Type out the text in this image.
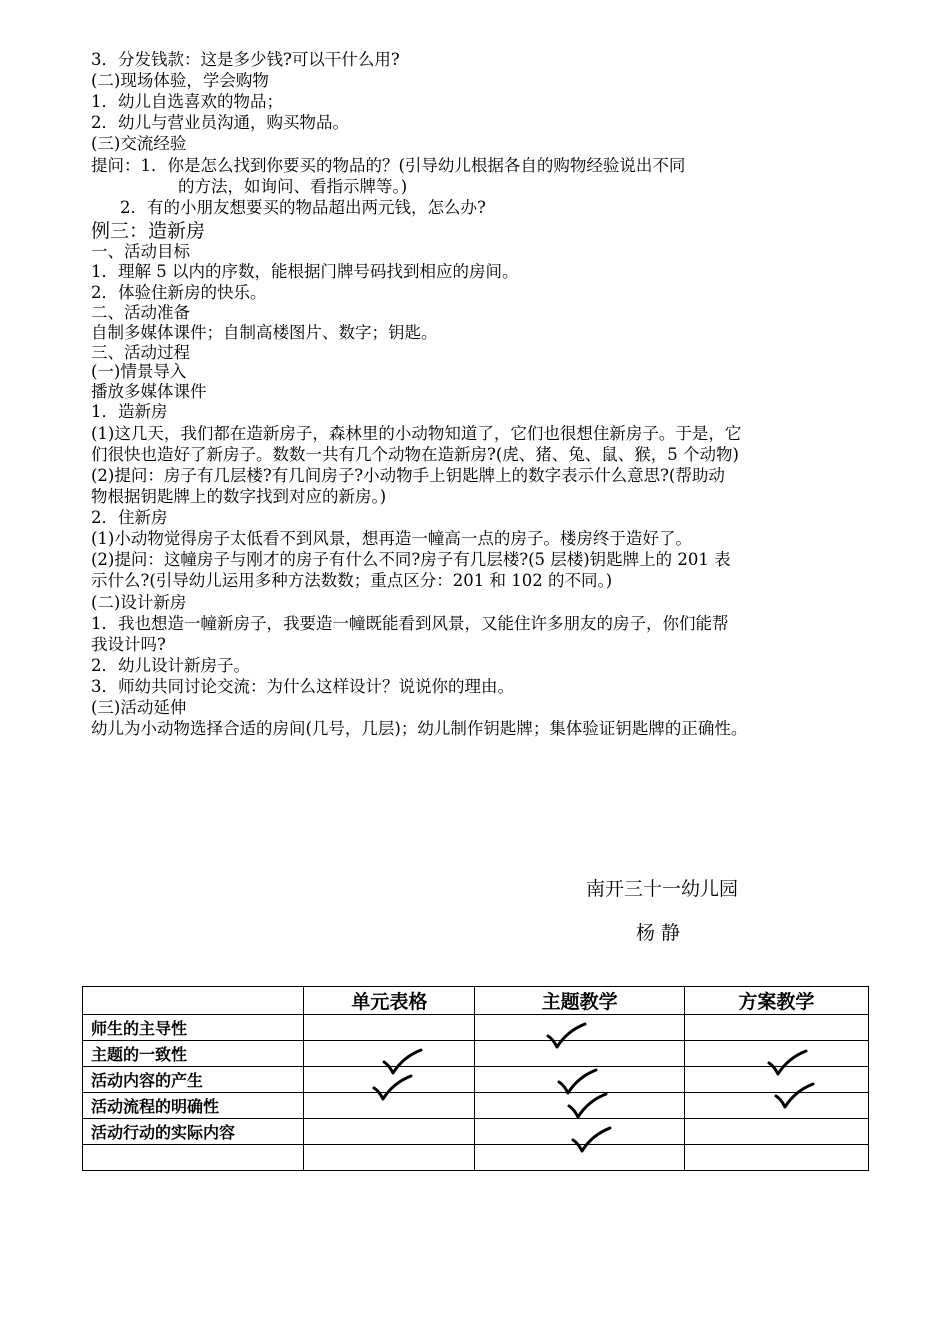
3．分发钱款：这是多少钱?可以干什么用?
(二)现场体验，学会购物
1．幼儿自选喜欢的物品；
2．幼儿与营业员沟通，购买物品。
(三)交流经验
提问：1．你是怎么找到你要买的物品的？(引导幼儿根据各自的购物经验说出不同
的方法，如询问、看指示牌等。)
2．有的小朋友想要买的物品超出两元钱，怎么办?
例三：造新房
一、活动目标
1．理解 5 以内的序数，能根据门牌号码找到相应的房间。
2．体验住新房的快乐。
二、活动准备
自制多媒体课件；自制高楼图片、数字；钥匙。
三、活动过程
(一)情景导入
播放多媒体课件
1．造新房
(1)这几天，我们都在造新房子，森林里的小动物知道了，它们也很想住新房子。于是，它
们很快也造好了新房子。数数一共有几个动物在造新房?(虎、猪、兔、鼠、猴，5 个动物)
(2)提问：房子有几层楼?有几间房子?小动物手上钥匙牌上的数字表示什么意思?(帮助动
物根据钥匙牌上的数字找到对应的新房。)
2．住新房
(1)小动物觉得房子太低看不到风景，想再造一幢高一点的房子。楼房终于造好了。
(2)提问：这幢房子与刚才的房子有什么不同?房子有几层楼?(5 层楼)钥匙牌上的 201 表
示什么?(引导幼儿运用多种方法数数；重点区分：201 和 102 的不同。)
(二)设计新房
1．我也想造一幢新房子，我要造一幢既能看到风景，又能住许多朋友的房子，你们能帮
我设计吗?
2．幼儿设计新房子。
3．师幼共同讨论交流：为什么这样设计？说说你的理由。
(三)活动延伸
幼儿为小动物选择合适的房间(几号，几层)；幼儿制作钥匙牌；集体验证钥匙牌的正确性。
南开三十一幼儿园
杨 静
	单元表格	主题教学	方案教学
师生的主导性			
主题的一致性			
活动内容的产生			
活动流程的明确性			
活动行动的实际内容			
